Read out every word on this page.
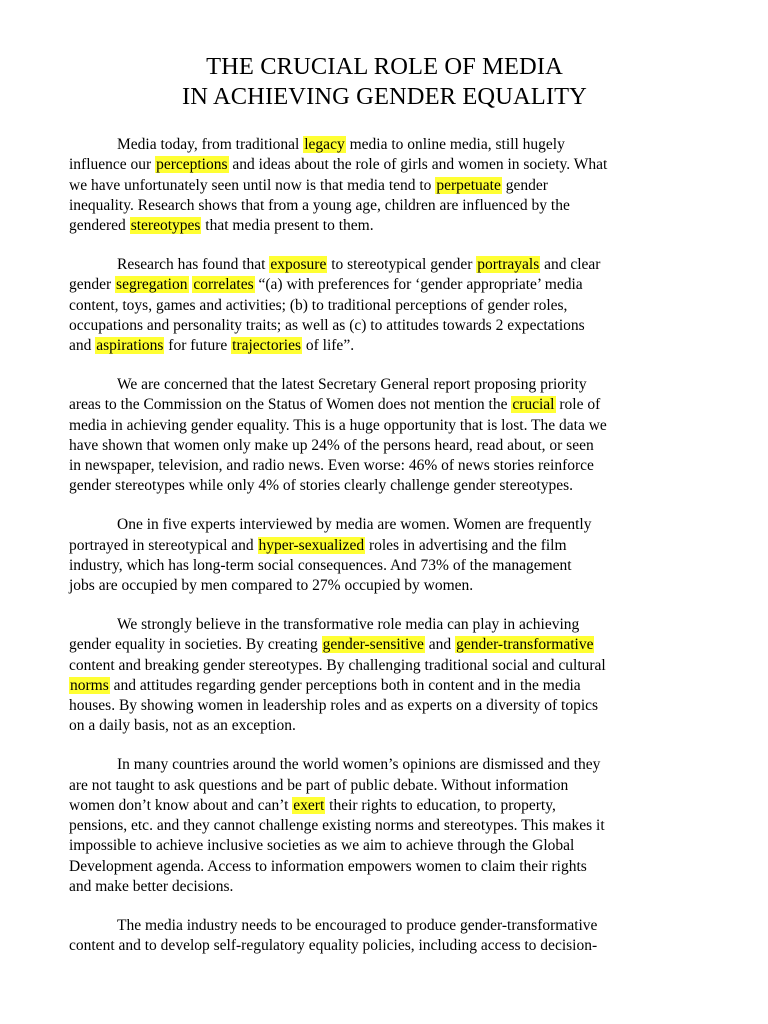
THE CRUCIAL ROLE OF MEDIA
IN ACHIEVING GENDER EQUALITY
Media today, from traditional legacy media to online media, still hugely
influence our perceptions and ideas about the role of girls and women in society. What
we have unfortunately seen until now is that media tend to perpetuate gender
inequality. Research shows that from a young age, children are influenced by the
gendered stereotypes that media present to them.
Research has found that exposure to stereotypical gender portrayals and clear
gender segregation correlates “(a) with preferences for ‘gender appropriate’ media
content, toys, games and activities; (b) to traditional perceptions of gender roles,
occupations and personality traits; as well as (c) to attitudes towards 2 expectations
and aspirations for future trajectories of life”.
We are concerned that the latest Secretary General report proposing priority
areas to the Commission on the Status of Women does not mention the crucial role of
media in achieving gender equality. This is a huge opportunity that is lost. The data we
have shown that women only make up 24% of the persons heard, read about, or seen
in newspaper, television, and radio news. Even worse: 46% of news stories reinforce
gender stereotypes while only 4% of stories clearly challenge gender stereotypes.
One in five experts interviewed by media are women. Women are frequently
portrayed in stereotypical and hyper-sexualized roles in advertising and the film
industry, which has long-term social consequences. And 73% of the management
jobs are occupied by men compared to 27% occupied by women.
We strongly believe in the transformative role media can play in achieving
gender equality in societies. By creating gender-sensitive and gender-transformative
content and breaking gender stereotypes. By challenging traditional social and cultural
norms and attitudes regarding gender perceptions both in content and in the media
houses. By showing women in leadership roles and as experts on a diversity of topics
on a daily basis, not as an exception.
In many countries around the world women’s opinions are dismissed and they
are not taught to ask questions and be part of public debate. Without information
women don’t know about and can’t exert their rights to education, to property,
pensions, etc. and they cannot challenge existing norms and stereotypes. This makes it
impossible to achieve inclusive societies as we aim to achieve through the Global
Development agenda. Access to information empowers women to claim their rights
and make better decisions.
The media industry needs to be encouraged to produce gender-transformative
content and to develop self-regulatory equality policies, including access to decision-
